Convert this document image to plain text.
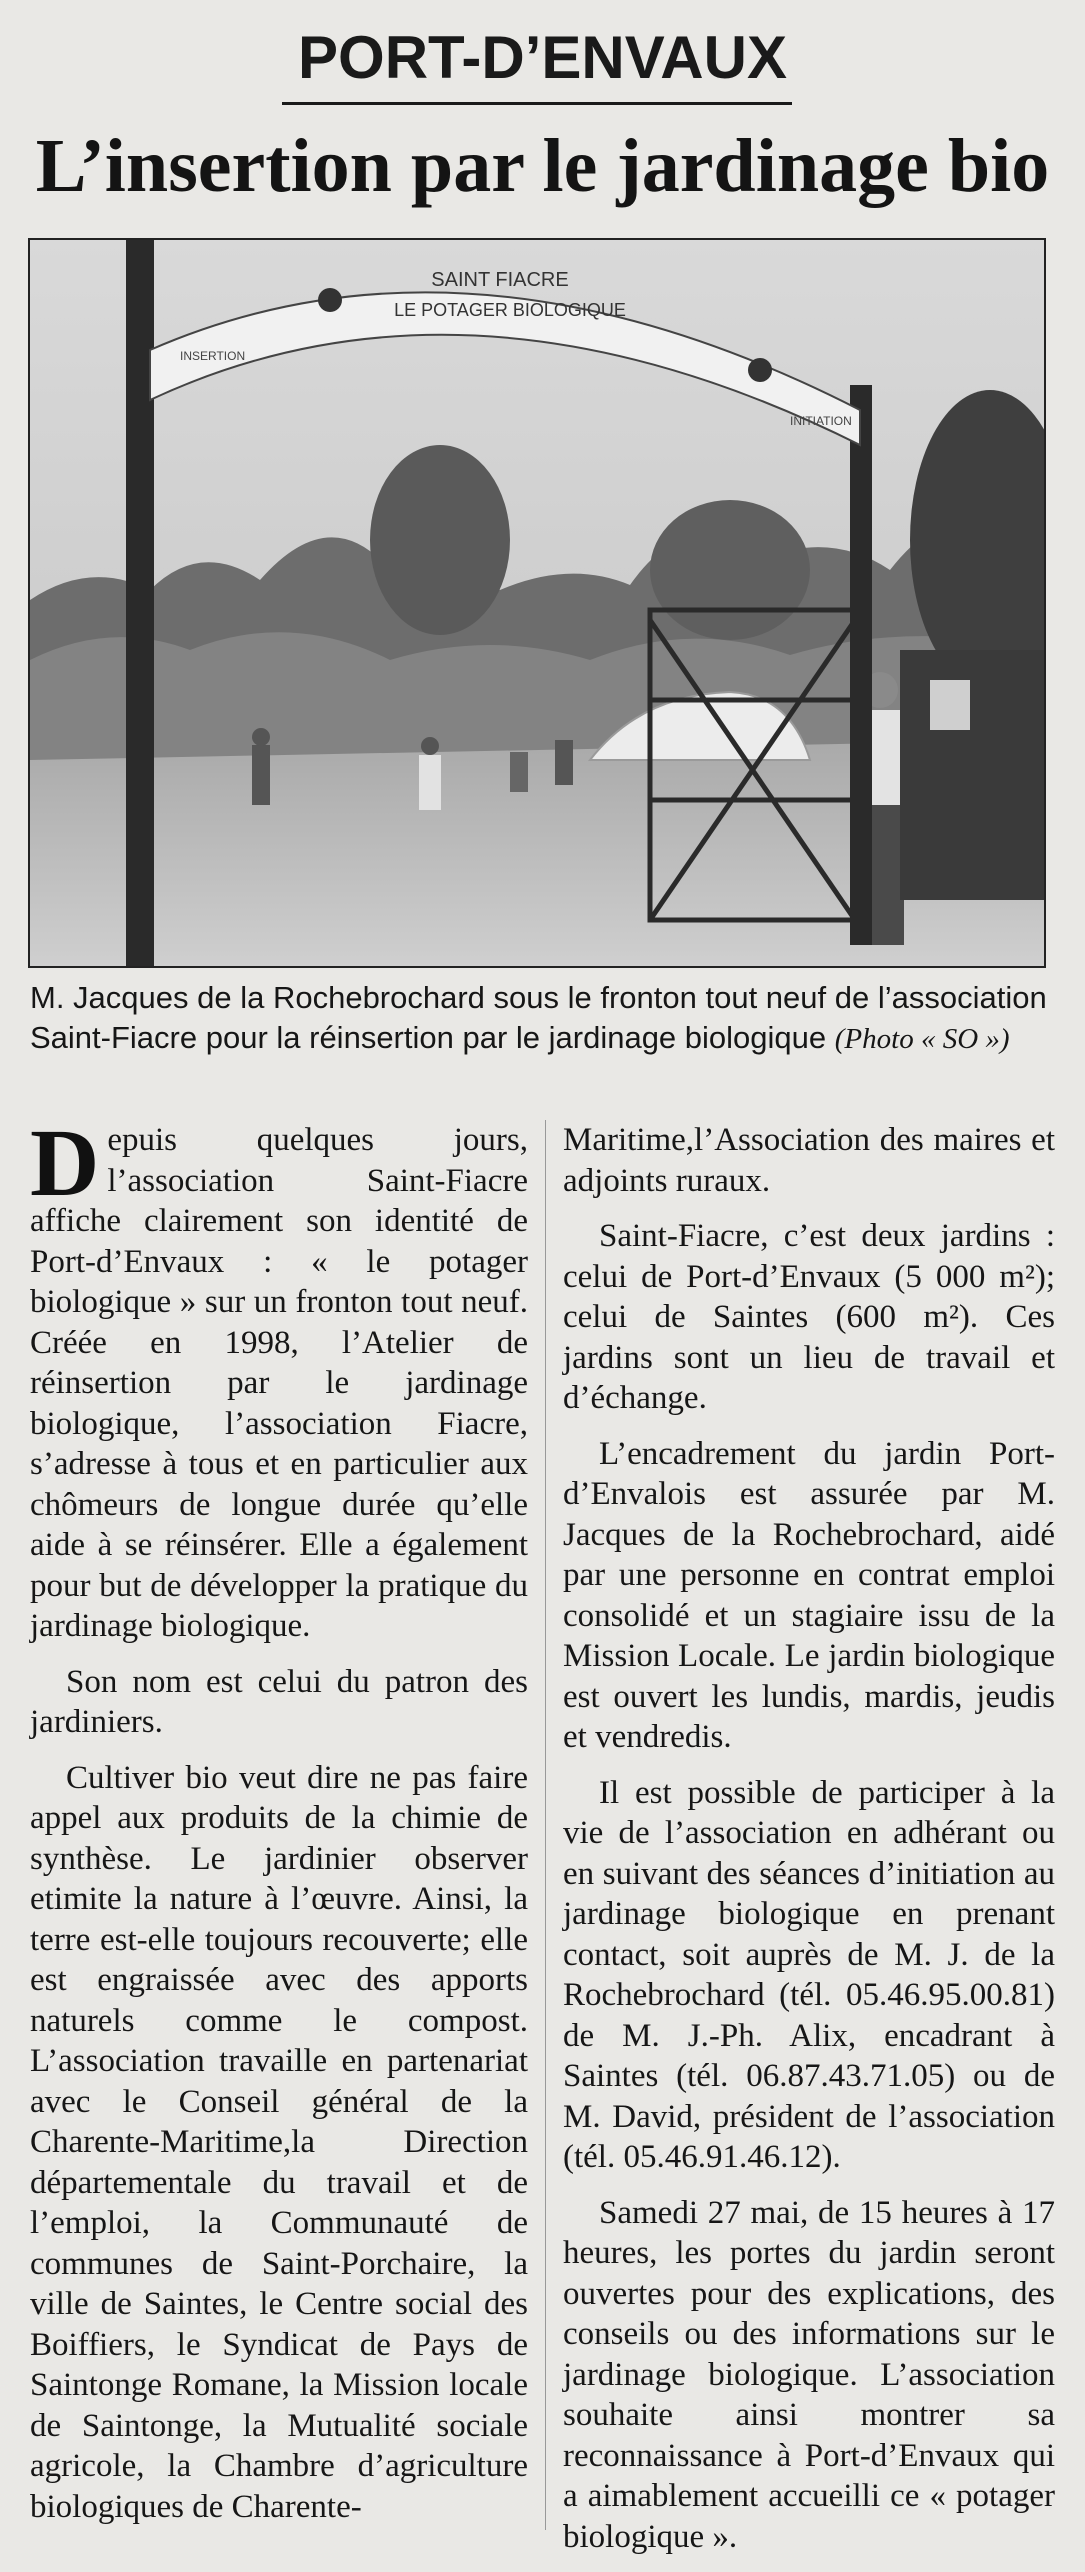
PORT-D’ENVAUX
L’insertion par le jardinage bio
SAINT FIACRE
LE POTAGER BIOLOGIQUE
INSERTION
INITIATION
M. Jacques de la Rochebrochard sous le fronton tout neuf de l’association Saint-Fiacre pour la réinsertion par le jardinage biologique (Photo « SO »)

Depuis quelques jours, l’association Saint-Fiacre affiche clairement son identité de Port-d’Envaux : « le potager biologique » sur un fronton tout neuf. Créée en 1998, l’Atelier de réinsertion par le jardinage biologique, l’association Fiacre, s’adresse à tous et en particulier aux chômeurs de longue durée qu’elle aide à se réinsérer. Elle a également pour but de développer la pratique du jardinage biologique.

Son nom est celui du patron des jardiniers.

Cultiver bio veut dire ne pas faire appel aux produits de la chimie de synthèse. Le jardinier observer etimite la nature à l’œuvre. Ainsi, la terre est-elle toujours recouverte; elle est engraissée avec des apports naturels comme le compost. L’association travaille en partenariat avec le Conseil général de la Charente-Maritime,la Direction départementale du travail et de l’emploi, la Communauté de communes de Saint-Porchaire, la ville de Saintes, le Centre social des Boiffiers, le Syndicat de Pays de Saintonge Romane, la Mission locale de Saintonge, la Mutualité sociale agricole, la Chambre d’agriculture biologiques de Charente-

Maritime,l’Association des maires et adjoints ruraux.

Saint-Fiacre, c’est deux jardins : celui de Port-d’Envaux (5 000 m²); celui de Saintes (600 m²). Ces jardins sont un lieu de travail et d’échange.

L’encadrement du jardin Port-d’Envalois est assurée par M. Jacques de la Rochebrochard, aidé par une personne en contrat emploi consolidé et un stagiaire issu de la Mission Locale. Le jardin biologique est ouvert les lundis, mardis, jeudis et vendredis.

Il est possible de participer à la vie de l’association en adhérant ou en suivant des séances d’initiation au jardinage biologique en prenant contact, soit auprès de M. J. de la Rochebrochard (tél. 05.46.95.00.81) de M. J.-Ph. Alix, encadrant à Saintes (tél. 06.87.43.71.05) ou de M. David, président de l’association (tél. 05.46.91.46.12).

Samedi 27 mai, de 15 heures à 17 heures, les portes du jardin seront ouvertes pour des explications, des conseils ou des informations sur le jardinage biologique. L’association souhaite ainsi montrer sa reconnaissance à Port-d’Envaux qui a aimablement accueilli ce « potager biologique ».
